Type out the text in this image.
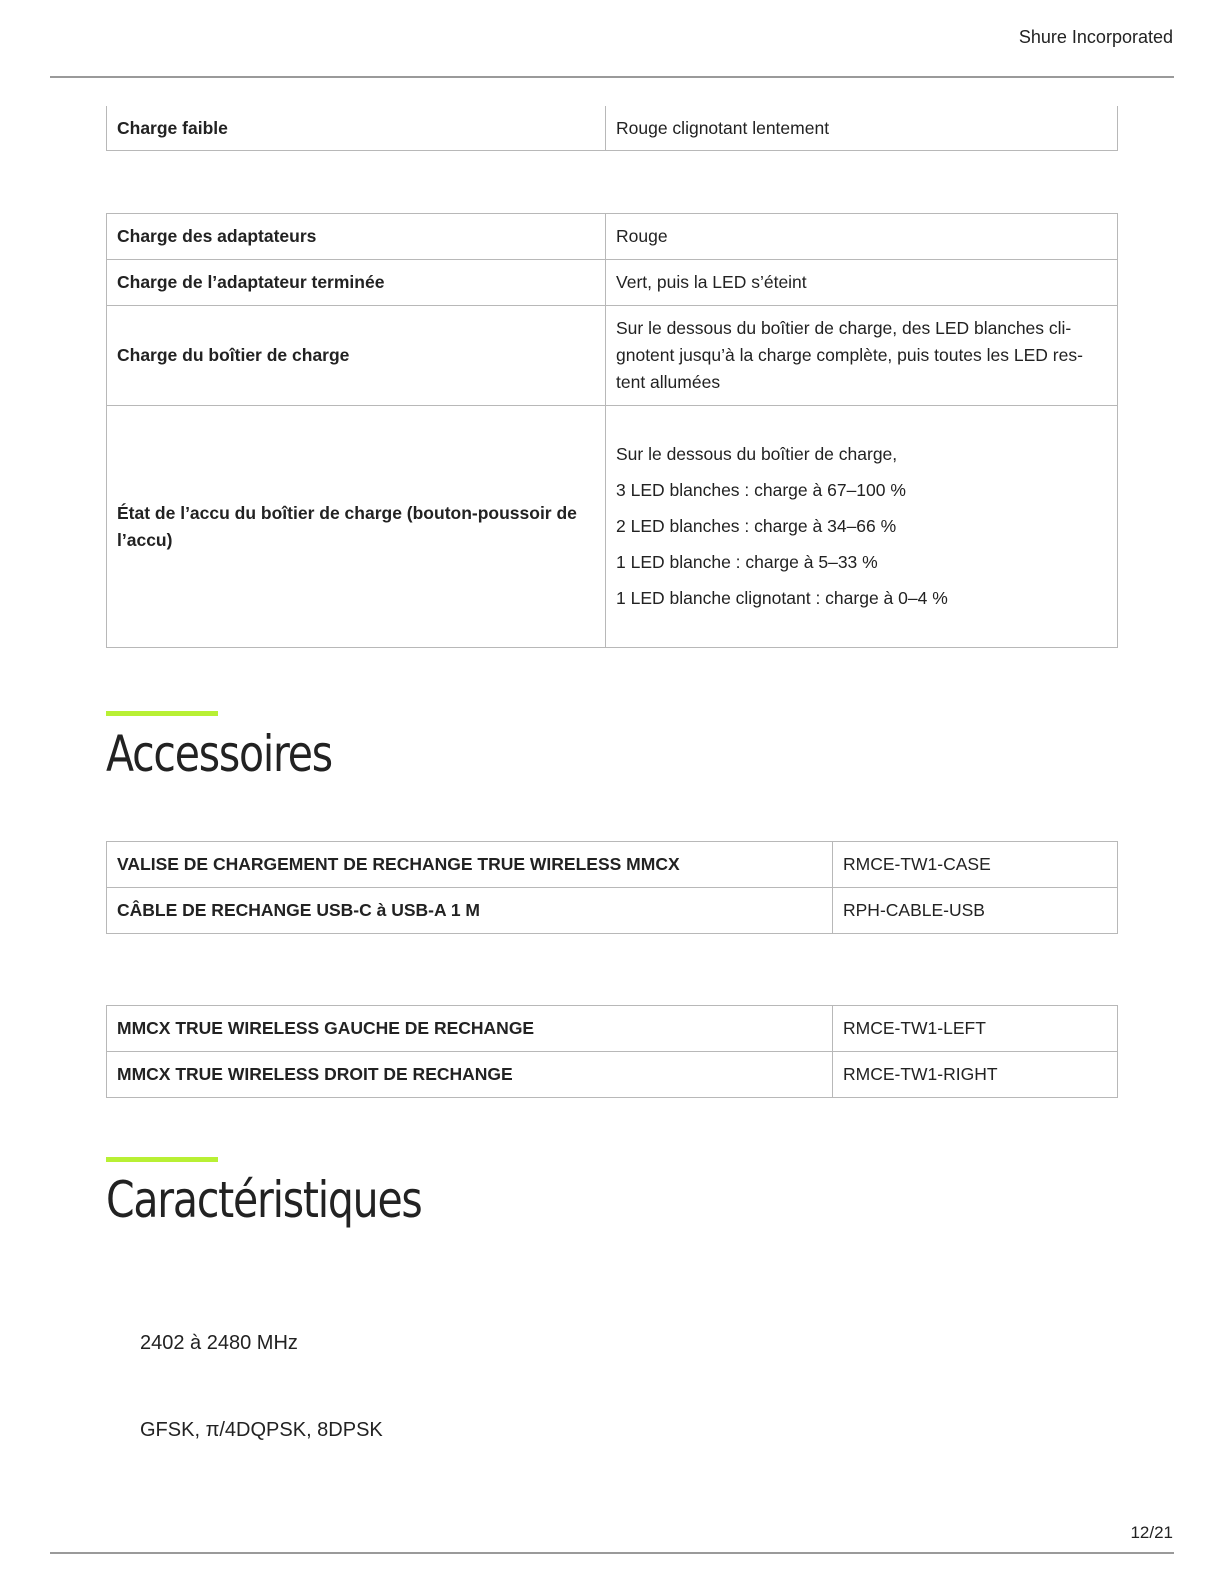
Shure Incorporated
Charge faible	Rouge clignotant lentement
Charge des adaptateurs	Rouge
Charge de l’adaptateur terminée	Vert, puis la LED s’éteint
Charge du boîtier de charge	Sur le dessous du boîtier de charge, des LED blanches cli-gnotent jusqu’à la charge complète, puis toutes les LED res-tent allumées
État de l’accu du boîtier de charge (bouton-poussoir de l’accu)	Sur le dessous du boîtier de charge,

3 LED blanches : charge à 67–100 %

2 LED blanches : charge à 34–66 %

1 LED blanche : charge à 5–33 %

1 LED blanche clignotant : charge à 0–4 %

Accessoires
VALISE DE CHARGEMENT DE RECHANGE TRUE WIRELESS MMCX	RMCE-TW1-CASE
CÂBLE DE RECHANGE USB-C à USB-A 1 M	RPH-CABLE-USB
MMCX TRUE WIRELESS GAUCHE DE RECHANGE	RMCE-TW1-LEFT
MMCX TRUE WIRELESS DROIT DE RECHANGE	RMCE-TW1-RIGHT
Caractéristiques
2402 à 2480 MHz
GFSK, π/4DQPSK, 8DPSK
12/21
